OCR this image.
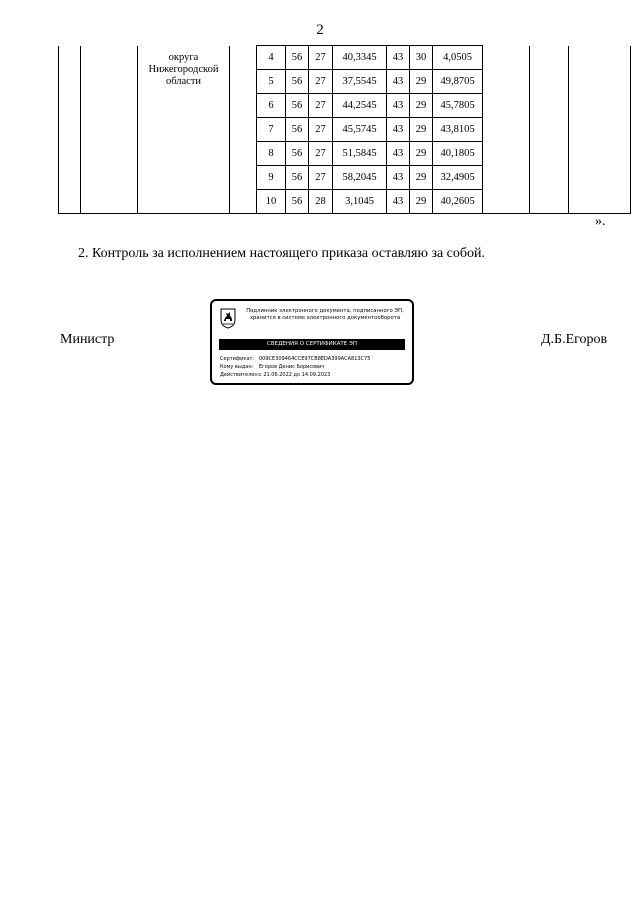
2
		округа Нижегородской области		4	56	27	40,3345	43	30	4,0505			
				5	56	27	37,5545	43	29	49,8705			
				6	56	27	44,2545	43	29	45,7805			
				7	56	27	45,5745	43	29	43,8105			
				8	56	27	51,5845	43	29	40,1805			
				9	56	27	58,2045	43	29	32,4905			
				10	56	28	3,1045	43	29	40,2605			
».
2. Контроль за исполнением настоящего приказа оставляю за собой.
Министр	Д.Б.Егоров
Подлинник электронного документа, подписанного ЭП, хранится в системе электронного документооборота
СВЕДЕНИЯ О СЕРТИФИКАТЕ ЭП
Сертификат: 009CE309464CCE97CB8EDA399ACA813C75
Кому выдан: Егоров Денис Борисович
Действителен:с 21.06.2022 до 14.09.2023
